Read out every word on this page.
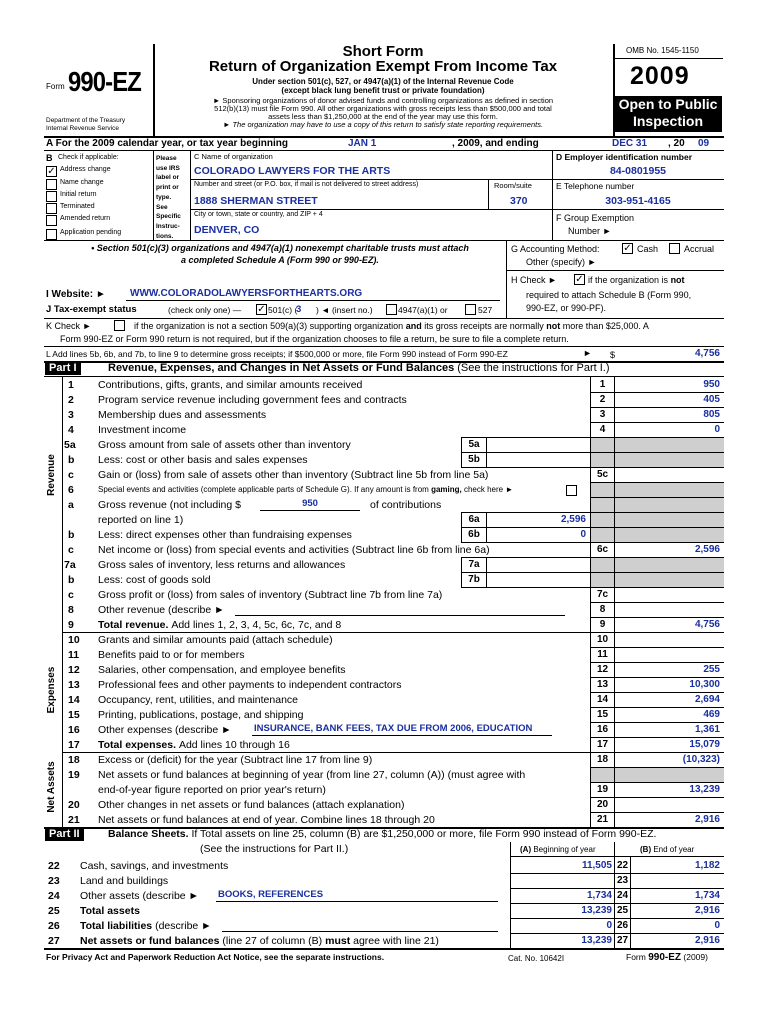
Form 990-EZ
Department of the Treasury
Internal Revenue Service
Short Form
Return of Organization Exempt From Income Tax
Under section 501(c), 527, or 4947(a)(1) of the Internal Revenue Code
(except black lung benefit trust or private foundation)
► Sponsoring organizations of donor advised funds and controlling organizations as defined in section
512(b)(13) must file Form 990. All other organizations with gross receipts less than $500,000 and total
assets less than $1,250,000 at the end of the year may use this form.
► The organization may have to use a copy of this return to satisfy state reporting requirements.
OMB No. 1545-1150
2009
Open to Public
Inspection
A For the 2009 calendar year, or tax year beginning	JAN 1	, 2009, and ending	DEC 31 , 20 09
B Check if applicable:
✓ Address change
Name change
Initial return
Terminated
Amended return
Application pending
Please
use IRS
label or
print or
type.
See
Specific
Instruc-
tions.
C Name of organization
COLORADO LAWYERS FOR THE ARTS
Number and street (or P.O. box, if mail is not delivered to street address)	Room/suite
1888 SHERMAN STREET	370
City or town, state or country, and ZIP + 4
DENVER, CO
D Employer identification number
84-0801955
E Telephone number
303-951-4165
F Group Exemption
Number ►
• Section 501(c)(3) organizations and 4947(a)(1) nonexempt charitable trusts must attach
a completed Schedule A (Form 990 or 990-EZ).
G Accounting Method: ✓ Cash	Accrual
Other (specify) ►
H Check ► ✓ if the organization is not
required to attach Schedule B (Form 990,
990-EZ, or 990-PF).
I Website: ► WWW.COLORADOLAWYERSFORTHEARTS.ORG
J Tax-exempt status	(check only one) — ✓ 501(c) (
3 ) ◄ (insert no.)	4947(a)(1) or	527
K Check ►	if the organization is not a section 509(a)(3) supporting organization and its gross receipts are normally not more than $25,000. A
Form 990-EZ or Form 990 return is not required, but if the organization chooses to file a return, be sure to file a complete return.
L Add lines 5b, 6b, and 7b, to line 9 to determine gross receipts; if $500,000 or more, file Form 990 instead of Form 990-EZ	► $	4,756
Part I	Revenue, Expenses, and Changes in Net Assets or Fund Balances (See the instructions for Part I.)
1 Contributions, gifts, grants, and similar amounts received	1	950
2 Program service revenue including government fees and contracts	2	405
3 Membership dues and assessments	3	805
4 Investment income	4	0
5a Gross amount from sale of assets other than inventory	5a
b Less: cost or other basis and sales expenses	5b
c Gain or (loss) from sale of assets other than inventory (Subtract line 5b from line 5a)	5c
6	Special events and activities (complete applicable parts of Schedule G). If any amount is from gaming, check here ►
a Gross revenue (not including $	950	of contributions
reported on line 1)	6a	2,596
b Less: direct expenses other than fundraising expenses	6b	0
c Net income or (loss) from special events and activities (Subtract line 6b from line 6a)	6c	2,596
7a Gross sales of inventory, less returns and allowances	7a
b Less: cost of goods sold	7b
c Gross profit or (loss) from sales of inventory (Subtract line 7b from line 7a)	7c
8 Other revenue (describe ►	8
9 Total revenue. Add lines 1, 2, 3, 4, 5c, 6c, 7c, and 8	9	4,756
10 Grants and similar amounts paid (attach schedule)	10
11 Benefits paid to or for members	11
12 Salaries, other compensation, and employee benefits	12	255
13 Professional fees and other payments to independent contractors	13	10,300
14 Occupancy, rent, utilities, and maintenance	14	2,694
15 Printing, publications, postage, and shipping	15	469
16 Other expenses (describe ► INSURANCE, BANK FEES, TAX DUE FROM 2006, EDUCATION	16	1,361
17 Total expenses. Add lines 10 through 16	17	15,079
18 Excess or (deficit) for the year (Subtract line 17 from line 9)	18	(10,323)
19 Net assets or fund balances at beginning of year (from line 27, column (A)) (must agree with
end-of-year figure reported on prior year's return)	19	13,239
20 Other changes in net assets or fund balances (attach explanation)	20
21 Net assets or fund balances at end of year. Combine lines 18 through 20	21	2,916
Revenue
Expenses
Net Assets
Part II	Balance Sheets. If Total assets on line 25, column (B) are $1,250,000 or more, file Form 990 instead of Form 990-EZ.
(See the instructions for Part II.)	(A) Beginning of year	(B) End of year
22 Cash, savings, and investments	11,505 22	1,182
23 Land and buildings	23
24 Other assets (describe ► BOOKS, REFERENCES	1,734 24	1,734
25 Total assets	13,239 25	2,916
26 Total liabilities (describe ►	0 26	0
27 Net assets or fund balances (line 27 of column (B) must agree with line 21)	13,239 27	2,916
For Privacy Act and Paperwork Reduction Act Notice, see the separate instructions.	Cat. No. 10642I	Form 990-EZ (2009)
